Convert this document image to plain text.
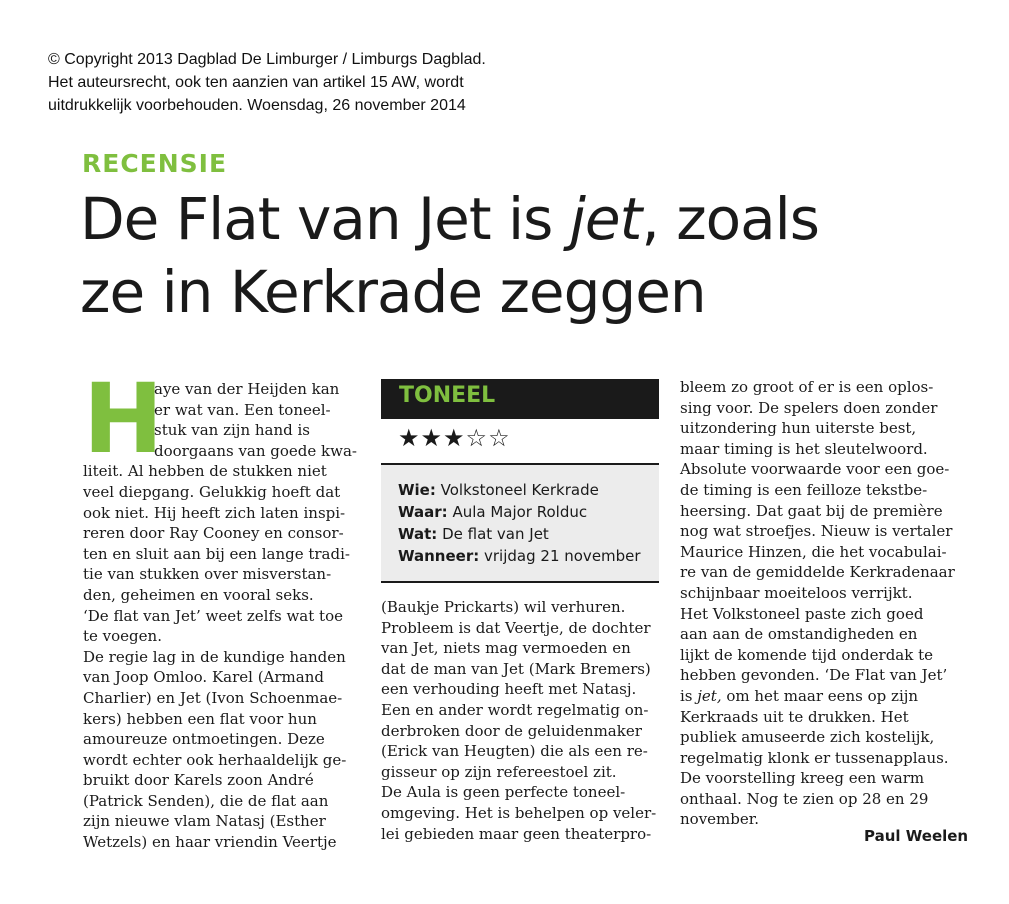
© Copyright 2013 Dagblad De Limburger / Limburgs Dagblad.
Het auteursrecht, ook ten aanzien van artikel 15 AW, wordt
uitdrukkelijk voorbehouden. Woensdag, 26 november 2014
RECENSIE
De Flat van Jet is jet, zoals
ze in Kerkrade zeggen
H
aye van der Heijden kan
er wat van. Een toneel-
stuk van zijn hand is
doorgaans van goede kwa-
liteit. Al hebben de stukken niet
veel diepgang. Gelukkig hoeft dat
ook niet. Hij heeft zich laten inspi-
reren door Ray Cooney en consor-
ten en sluit aan bij een lange tradi-
tie van stukken over misverstan-
den, geheimen en vooral seks.
‘De flat van Jet’ weet zelfs wat toe
te voegen.
De regie lag in de kundige handen
van Joop Omloo. Karel (Armand
Charlier) en Jet (Ivon Schoenmae-
kers) hebben een flat voor hun
amoureuze ontmoetingen. Deze
wordt echter ook herhaaldelijk ge-
bruikt door Karels zoon André
(Patrick Senden), die de flat aan
zijn nieuwe vlam Natasj (Esther
Wetzels) en haar vriendin Veertje
TONEEL
★★★☆☆
Wie: Volkstoneel Kerkrade
Waar: Aula Major Rolduc
Wat: De flat van Jet
Wanneer: vrijdag 21 november
(Baukje Prickarts) wil verhuren.
Probleem is dat Veertje, de dochter
van Jet, niets mag vermoeden en
dat de man van Jet (Mark Bremers)
een verhouding heeft met Natasj.
Een en ander wordt regelmatig on-
derbroken door de geluidenmaker
(Erick van Heugten) die als een re-
gisseur op zijn refereestoel zit.
De Aula is geen perfecte toneel-
omgeving. Het is behelpen op veler-
lei gebieden maar geen theaterpro-
bleem zo groot of er is een oplos-
sing voor. De spelers doen zonder
uitzondering hun uiterste best,
maar timing is het sleutelwoord.
Absolute voorwaarde voor een goe-
de timing is een feilloze tekstbe-
heersing. Dat gaat bij de première
nog wat stroefjes. Nieuw is vertaler
Maurice Hinzen, die het vocabulai-
re van de gemiddelde Kerkradenaar
schijnbaar moeiteloos verrijkt.
Het Volkstoneel paste zich goed
aan aan de omstandigheden en
lijkt de komende tijd onderdak te
hebben gevonden. ‘De Flat van Jet’
is jet, om het maar eens op zijn
Kerkraads uit te drukken. Het
publiek amuseerde zich kostelijk,
regelmatig klonk er tussenapplaus.
De voorstelling kreeg een warm
onthaal. Nog te zien op 28 en 29
november.
Paul Weelen
